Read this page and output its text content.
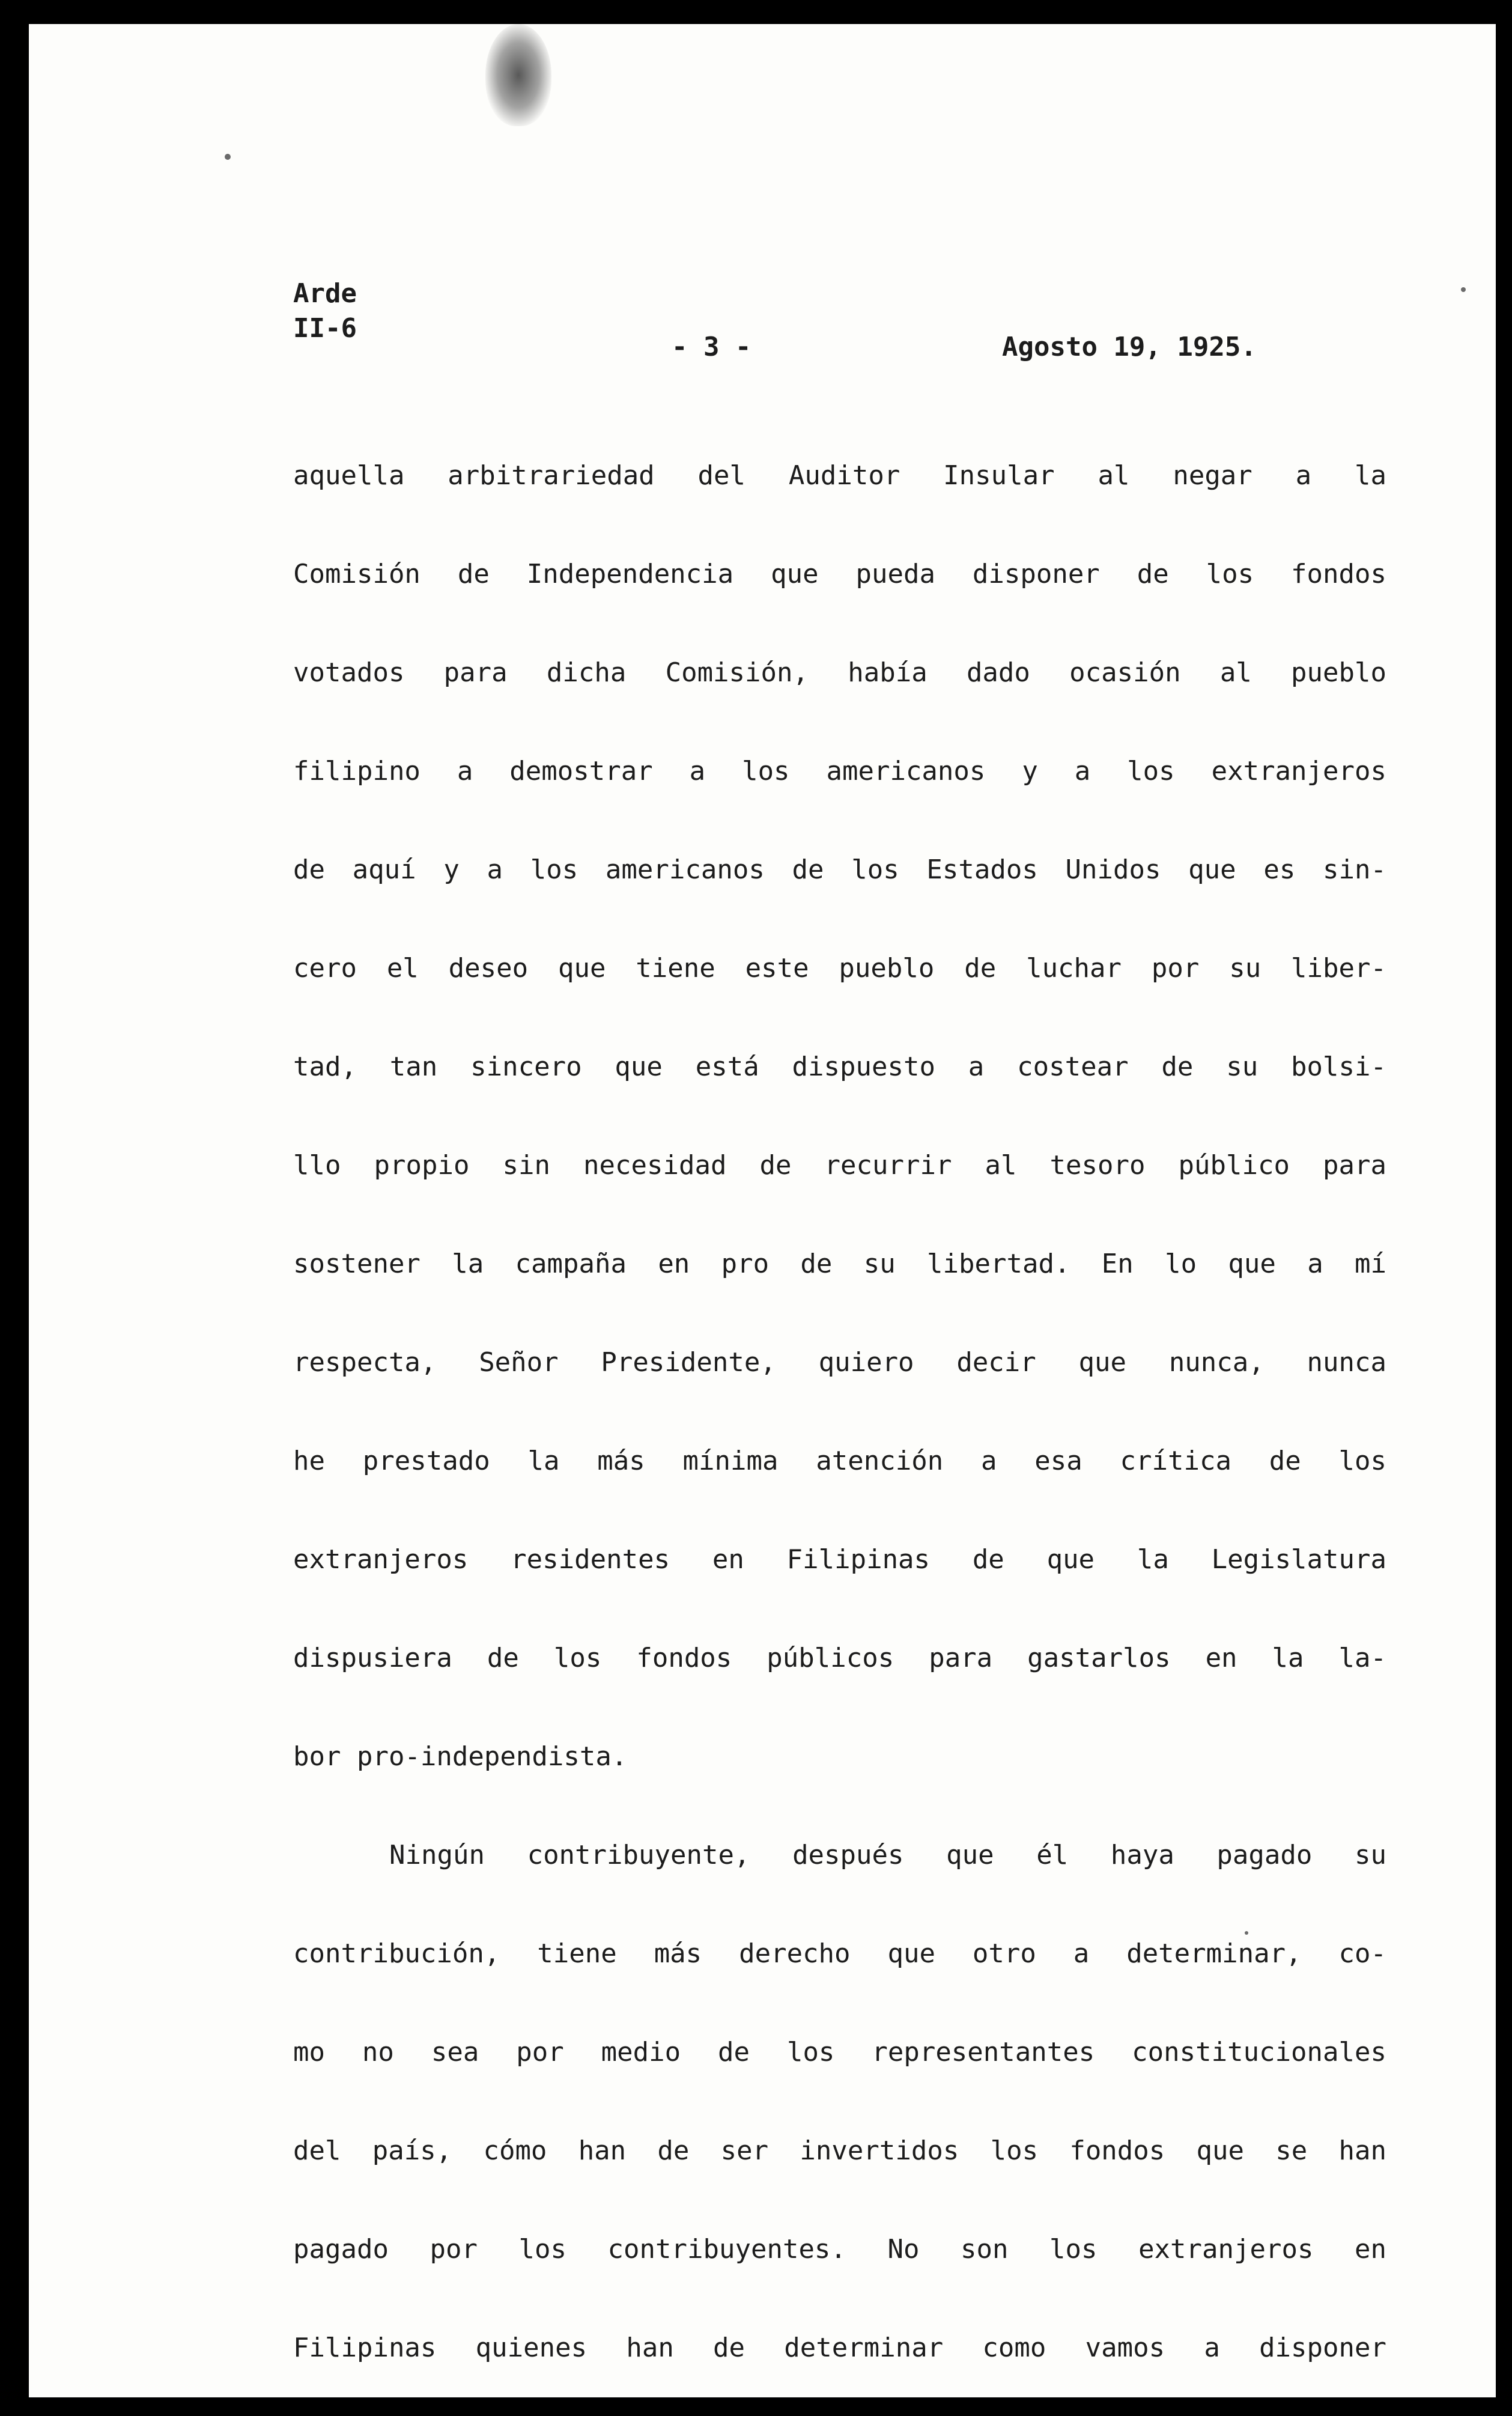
Arde
II-6
- 3 -	Agosto 19, 1925.

aquella arbitrariedad del Auditor Insular al negar a la
Comisión de Independencia que pueda disponer de los fondos
votados para dicha Comisión, había dado ocasión al pueblo
filipino a demostrar a los americanos y a los extranjeros
de aquí y a los americanos de los Estados Unidos que es sin-
cero el deseo que tiene este pueblo de luchar por su liber-
tad, tan sincero que está dispuesto a costear de su bolsi-
llo propio sin necesidad de recurrir al tesoro público para
sostener la campaña en pro de su libertad. En lo que a mí
respecta, Señor Presidente, quiero decir que nunca, nunca
he prestado la más mínima atención a esa crítica de los
extranjeros residentes en Filipinas de que la Legislatura
dispusiera de los fondos públicos para gastarlos en la la-
bor pro-independista.

Ningún contribuyente, después que él haya pagado su
contribución, tiene más derecho que otro a determinar, co-
mo no sea por medio de los representantes constitucionales
del país, cómo han de ser invertidos los fondos que se han
pagado por los contribuyentes. No son los extranjeros en
Filipinas quienes han de determinar como vamos a disponer
